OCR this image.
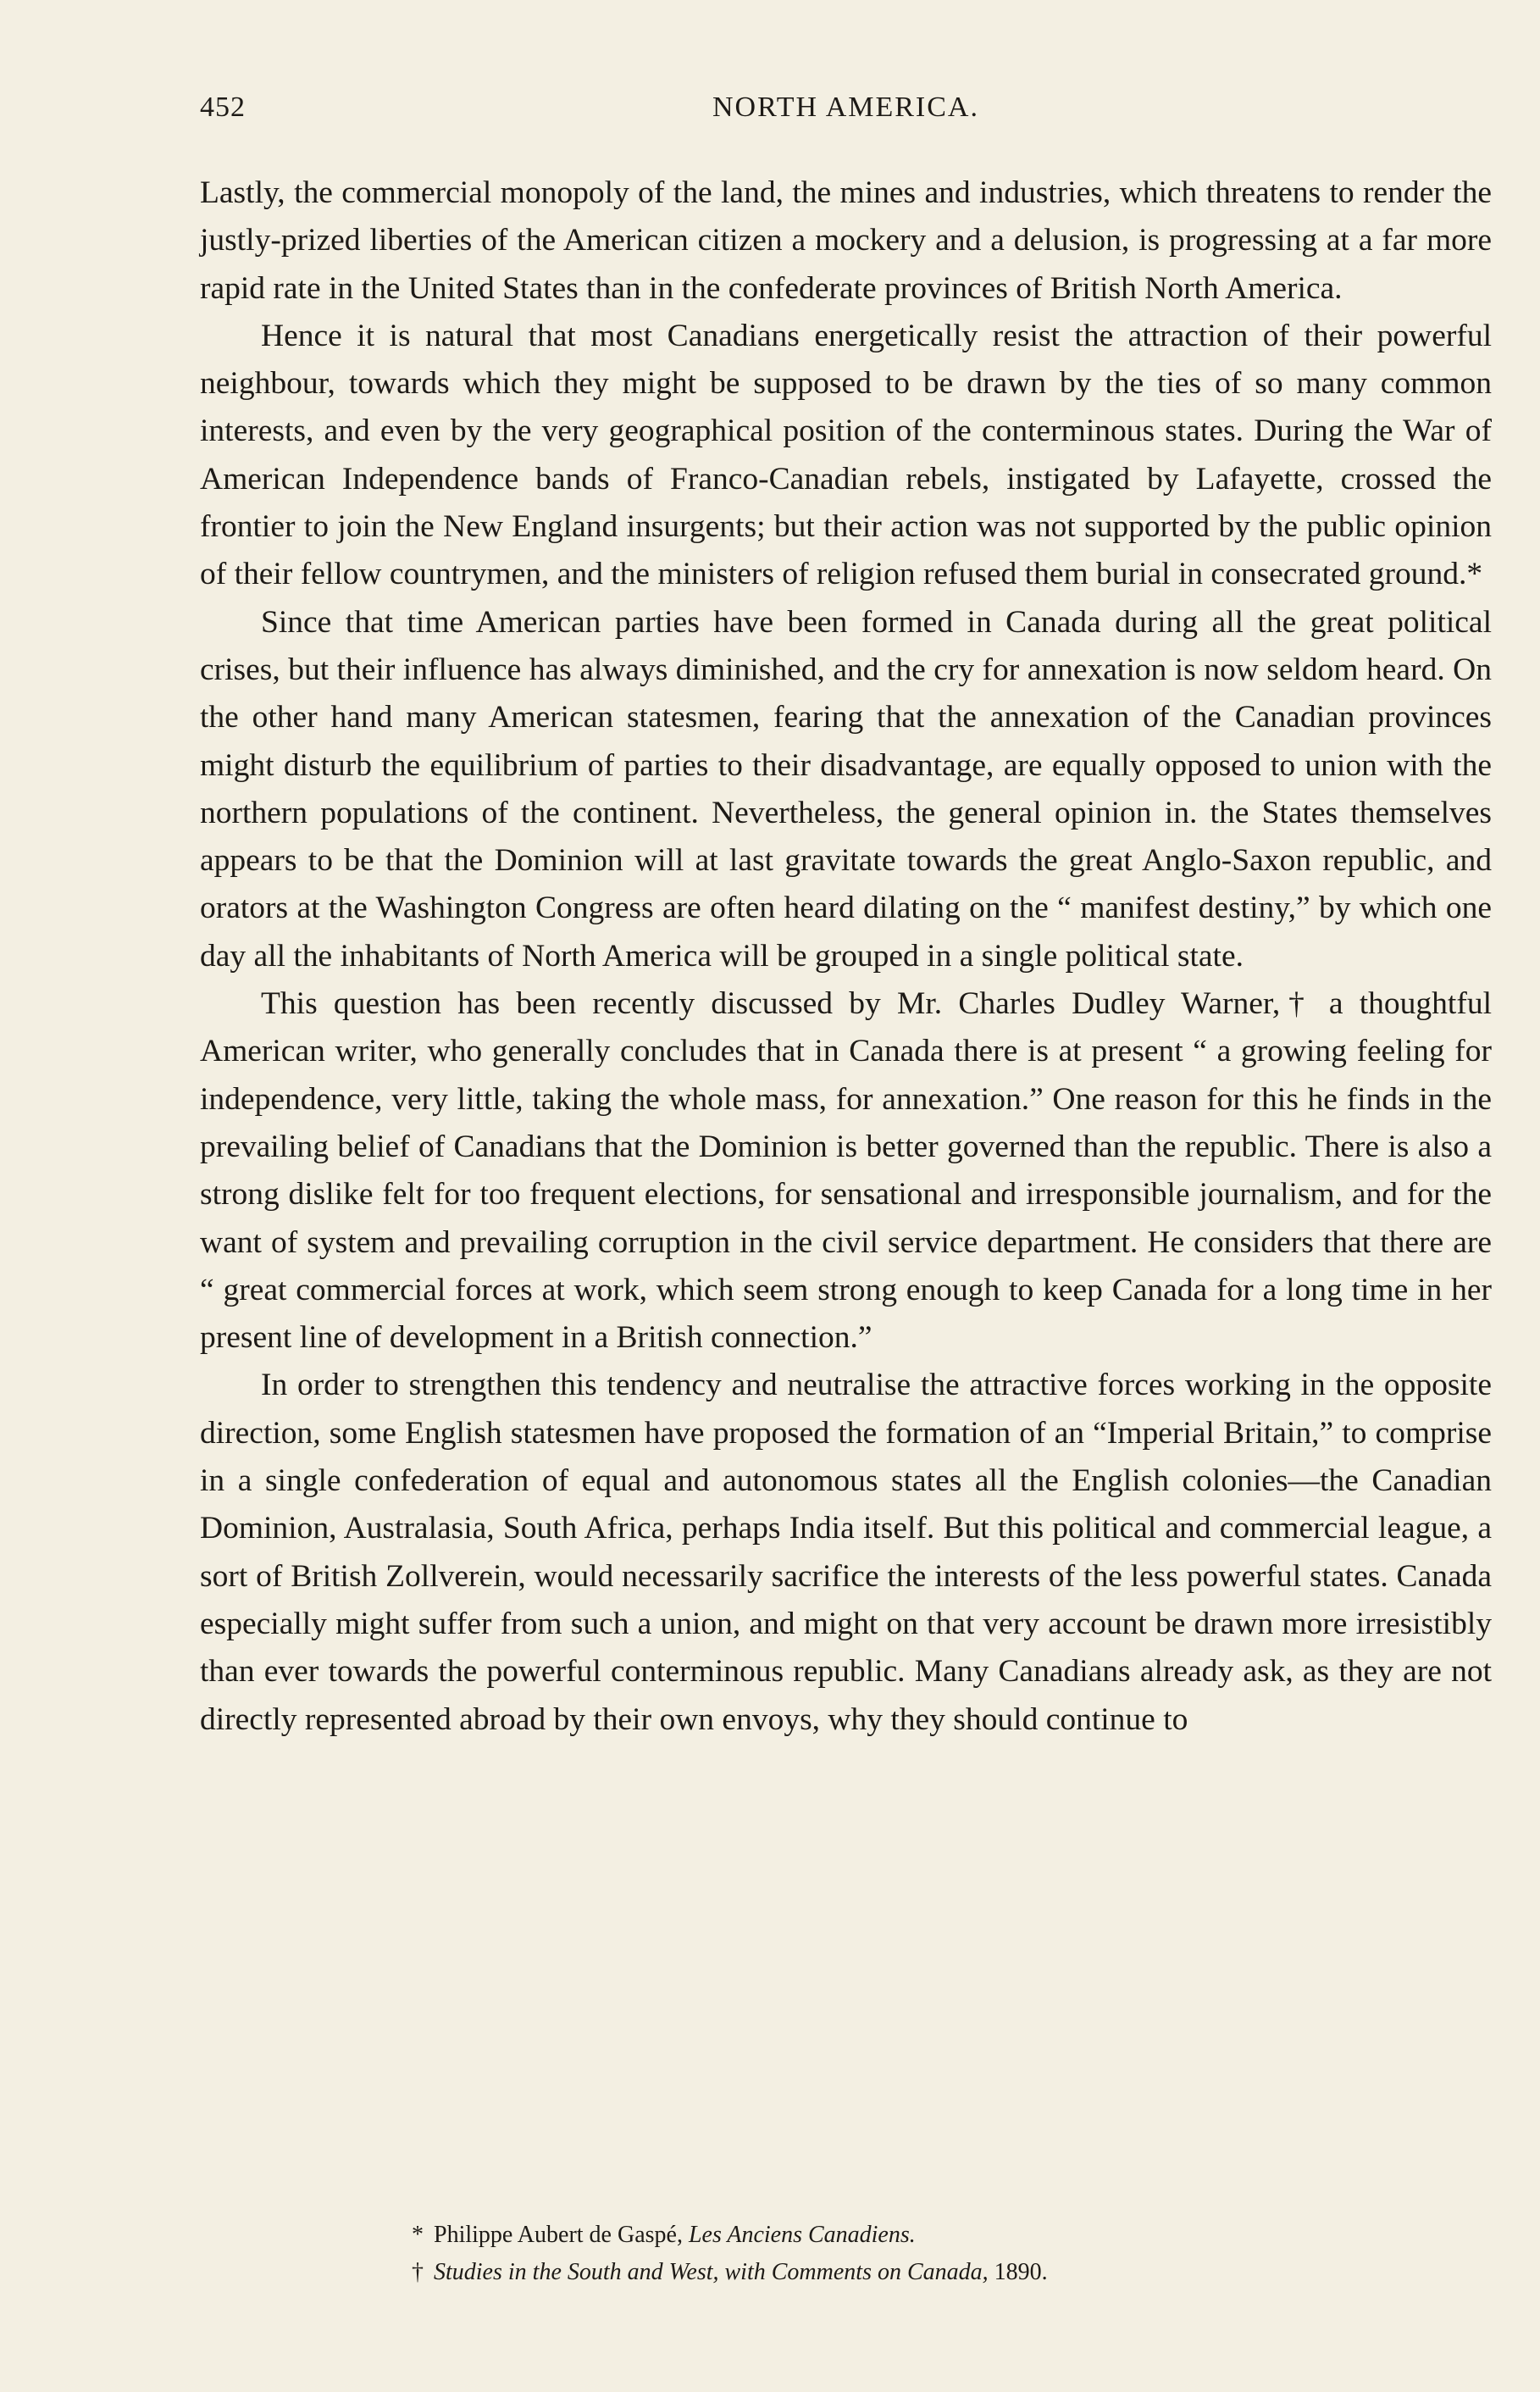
452	NORTH AMERICA.

Lastly, the commercial monopoly of the land, the mines and industries, which threatens to render the justly-prized liberties of the American citizen a mockery and a delusion, is progressing at a far more rapid rate in the United States than in the confederate provinces of British North America.

Hence it is natural that most Canadians energetically resist the attraction of their powerful neighbour, towards which they might be supposed to be drawn by the ties of so many common interests, and even by the very geographical position of the conterminous states. During the War of American Independence bands of Franco-Canadian rebels, instigated by Lafayette, crossed the frontier to join the New England insurgents; but their action was not supported by the public opinion of their fellow countrymen, and the ministers of religion refused them burial in consecrated ground.*

Since that time American parties have been formed in Canada during all the great political crises, but their influence has always diminished, and the cry for annexation is now seldom heard. On the other hand many American statesmen, fearing that the annexation of the Canadian provinces might disturb the equilibrium of parties to their disadvantage, are equally opposed to union with the northern populations of the continent. Nevertheless, the general opinion in. the States themselves appears to be that the Dominion will at last gravitate towards the great Anglo-Saxon republic, and orators at the Washington Congress are often heard dilating on the “ manifest destiny,” by which one day all the inhabitants of North America will be grouped in a single political state.

This question has been recently discussed by Mr. Charles Dudley Warner,† a thoughtful American writer, who generally concludes that in Canada there is at present “ a growing feeling for independence, very little, taking the whole mass, for annexation.” One reason for this he finds in the prevailing belief of Canadians that the Dominion is better governed than the republic. There is also a strong dislike felt for too frequent elections, for sensational and irresponsible journalism, and for the want of system and prevailing corruption in the civil service department. He considers that there are “ great commercial forces at work, which seem strong enough to keep Canada for a long time in her present line of development in a British connection.”

In order to strengthen this tendency and neutralise the attractive forces working in the opposite direction, some English statesmen have proposed the formation of an “Imperial Britain,” to comprise in a single confederation of equal and autonomous states all the English colonies—the Canadian Dominion, Australasia, South Africa, perhaps India itself. But this political and commercial league, a sort of British Zollverein, would necessarily sacrifice the interests of the less powerful states. Canada especially might suffer from such a union, and might on that very account be drawn more irresistibly than ever towards the powerful conterminous republic. Many Canadians already ask, as they are not directly represented abroad by their own envoys, why they should continue to

* Philippe Aubert de Gaspé, Les Anciens Canadiens.

† Studies in the South and West, with Comments on Canada, 1890.
